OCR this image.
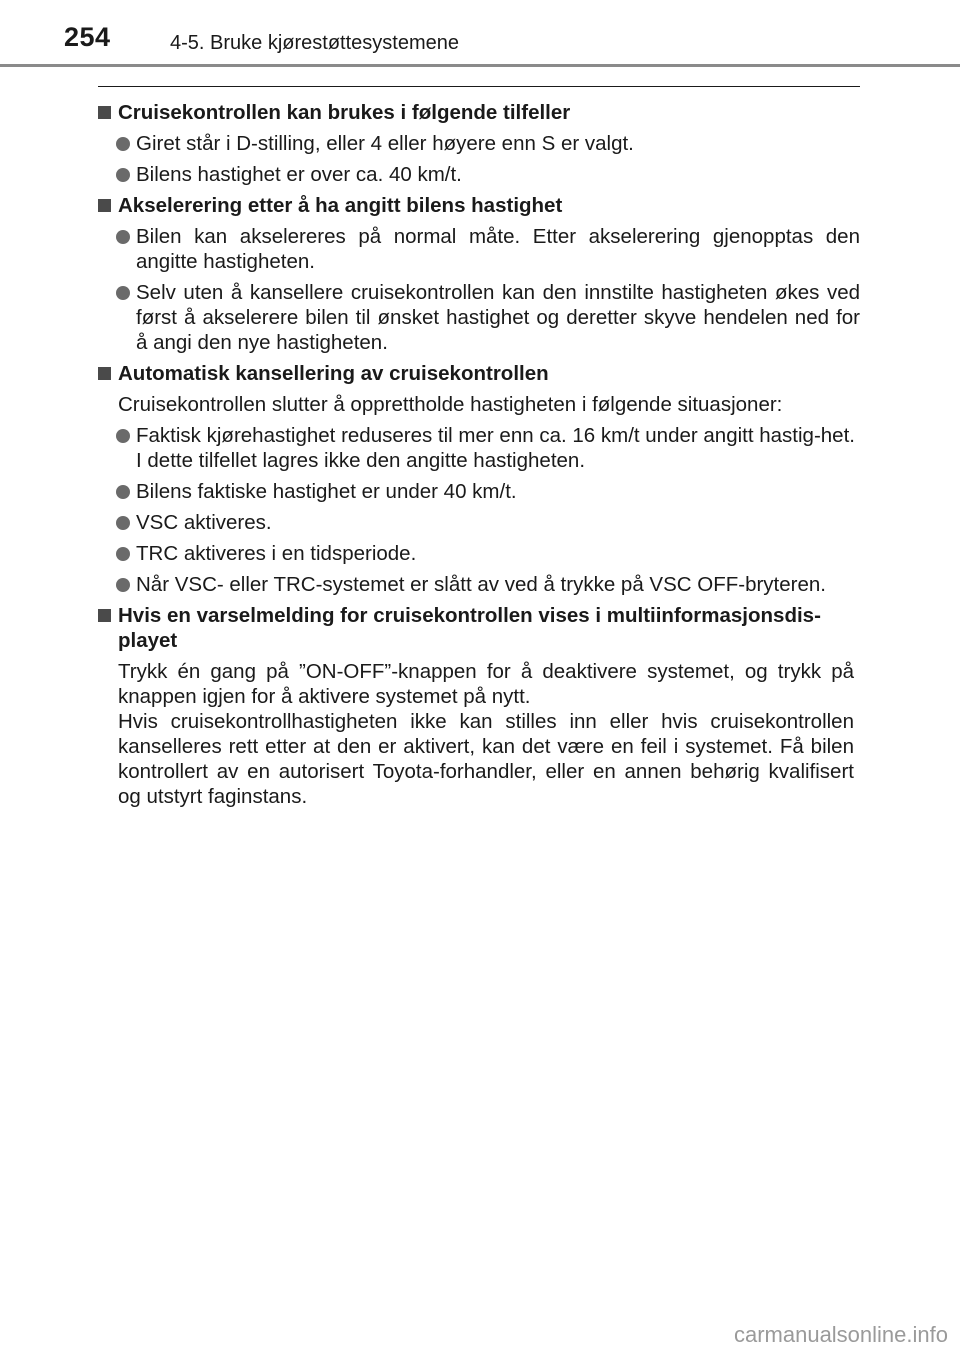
254	4-5. Bruke kjørestøttesystemene
Cruisekontrollen kan brukes i følgende tilfeller
Giret står i D-stilling, eller 4 eller høyere enn S er valgt.
Bilens hastighet er over ca. 40 km/t.
Akselerering etter å ha angitt bilens hastighet
Bilen kan akselereres på normal måte. Etter akselerering gjenopptas den angitte hastigheten.
Selv uten å kansellere cruisekontrollen kan den innstilte hastigheten økes ved først å akselerere bilen til ønsket hastighet og deretter skyve hendelen ned for å angi den nye hastigheten.
Automatisk kansellering av cruisekontrollen
Cruisekontrollen slutter å opprettholde hastigheten i følgende situasjoner:
Faktisk kjørehastighet reduseres til mer enn ca. 16 km/t under angitt hastig-het.
I dette tilfellet lagres ikke den angitte hastigheten.
Bilens faktiske hastighet er under 40 km/t.
VSC aktiveres.
TRC aktiveres i en tidsperiode.
Når VSC- eller TRC-systemet er slått av ved å trykke på VSC OFF-bryteren.
Hvis en varselmelding for cruisekontrollen vises i multiinformasjonsdis-playet
Trykk én gang på ”ON-OFF”-knappen for å deaktivere systemet, og trykk på knappen igjen for å aktivere systemet på nytt.
Hvis cruisekontrollhastigheten ikke kan stilles inn eller hvis cruisekontrollen kanselleres rett etter at den er aktivert, kan det være en feil i systemet. Få bilen kontrollert av en autorisert Toyota-forhandler, eller en annen behørig kvalifisert og utstyrt faginstans.
carmanualsonline.info
